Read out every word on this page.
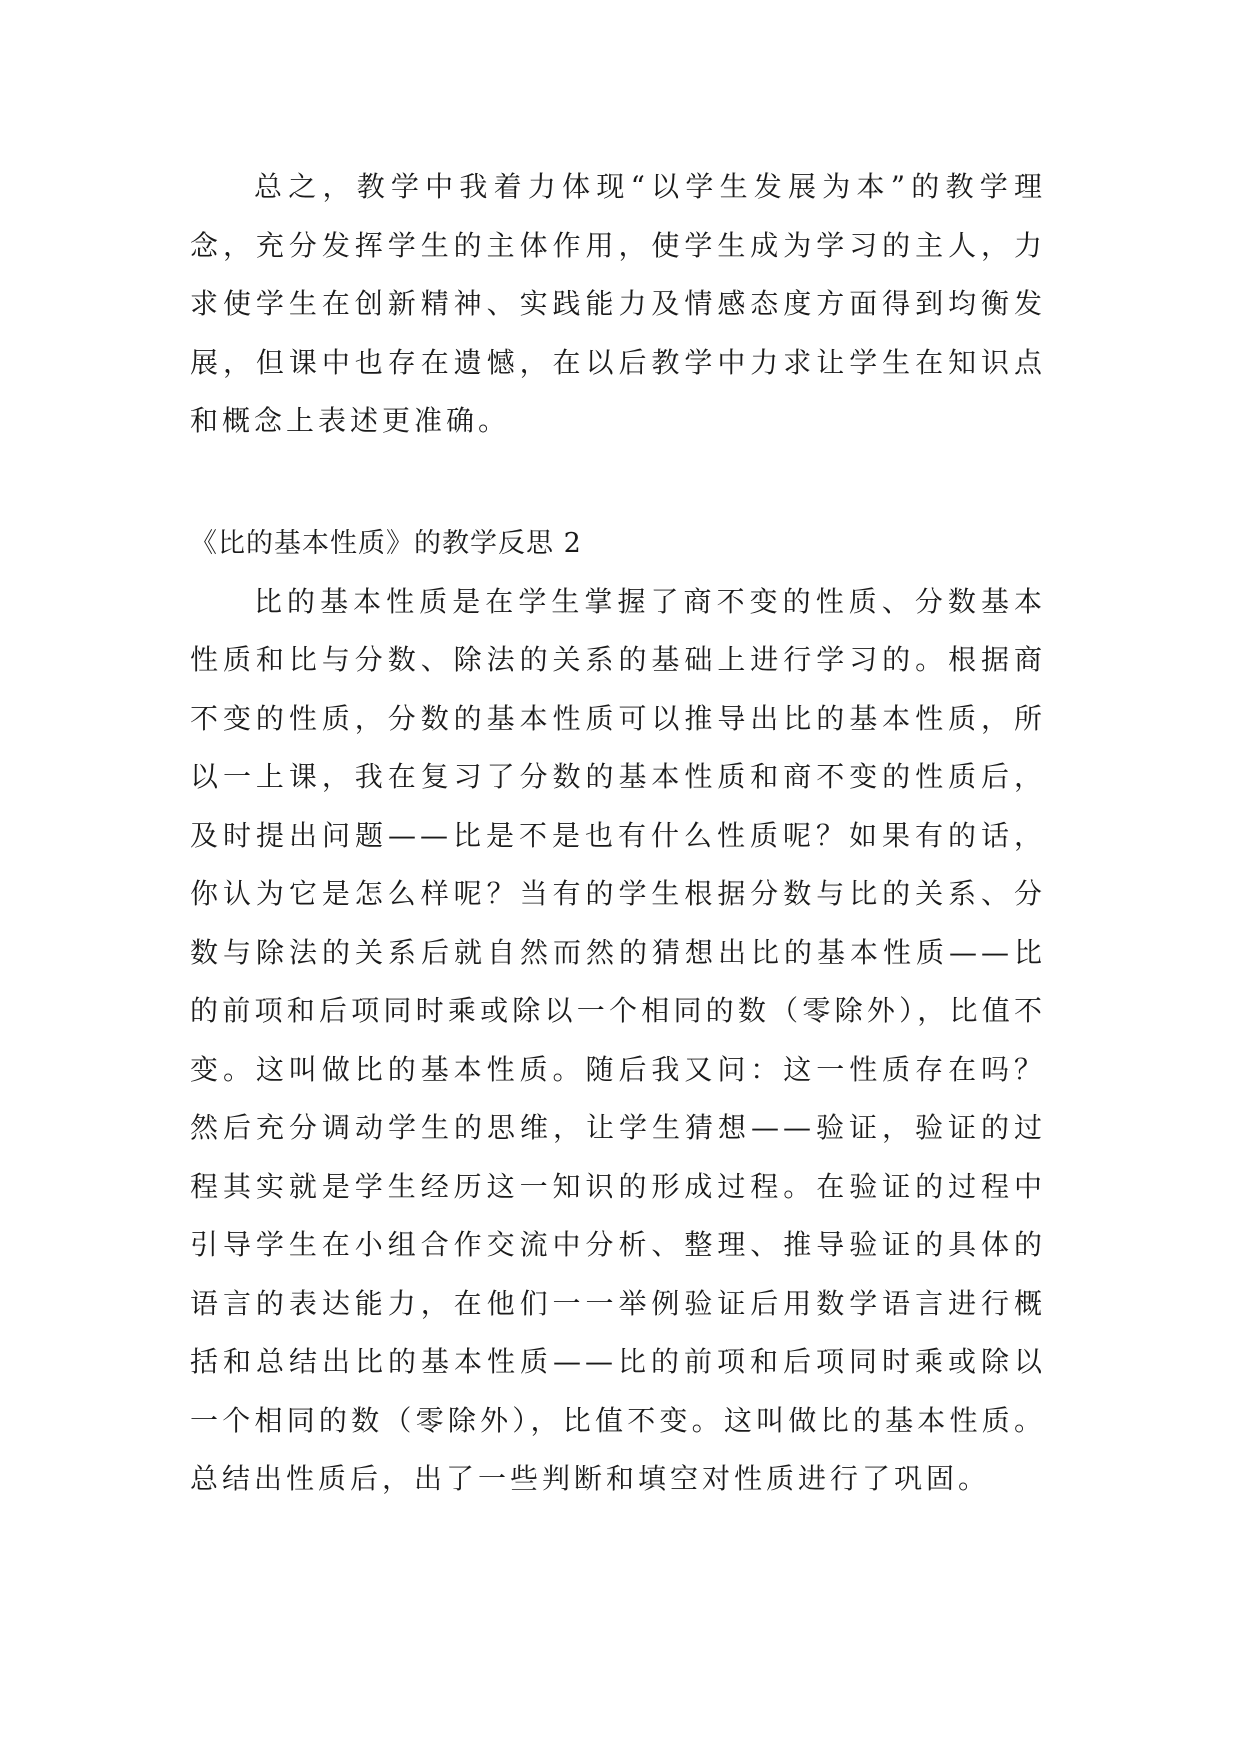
总之，教学中我着力体现“以学生发展为本”的教学理念，充分发挥学生的主体作用，使学生成为学习的主人，力求使学生在创新精神、实践能力及情感态度方面得到均衡发展，但课中也存在遗憾，在以后教学中力求让学生在知识点和概念上表述更准确。

《比的基本性质》的教学反思 2

比的基本性质是在学生掌握了商不变的性质、分数基本性质和比与分数、除法的关系的基础上进行学习的。根据商不变的性质，分数的基本性质可以推导出比的基本性质，所以一上课，我在复习了分数的基本性质和商不变的性质后，及时提出问题——比是不是也有什么性质呢？如果有的话，你认为它是怎么样呢？当有的学生根据分数与比的关系、分数与除法的关系后就自然而然的猜想出比的基本性质——比的前项和后项同时乘或除以一个相同的数（零除外），比值不变。这叫做比的基本性质。随后我又问：这一性质存在吗？然后充分调动学生的思维，让学生猜想——验证，验证的过程其实就是学生经历这一知识的形成过程。在验证的过程中引导学生在小组合作交流中分析、整理、推导验证的具体的语言的表达能力，在他们一一举例验证后用数学语言进行概括和总结出比的基本性质——比的前项和后项同时乘或除以一个相同的数（零除外），比值不变。这叫做比的基本性质。总结出性质后，出了一些判断和填空对性质进行了巩固。
